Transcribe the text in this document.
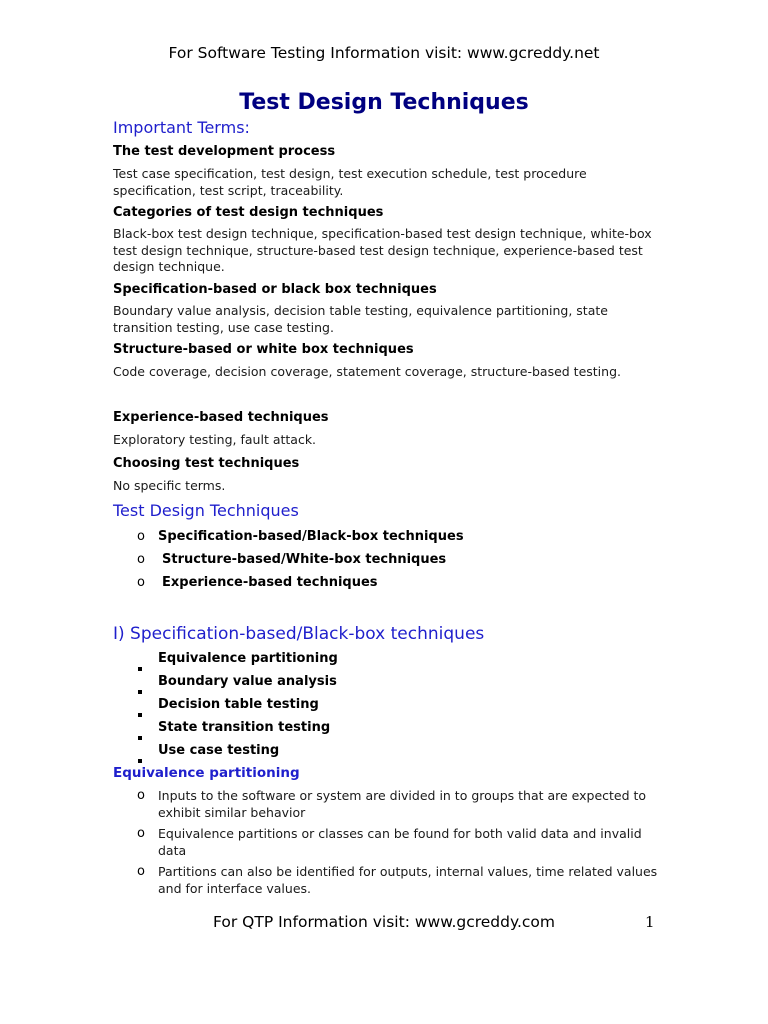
For Software Testing Information visit: www.gcreddy.net
Test Design Techniques
Important Terms:
The test development process
Test case specification, test design, test execution schedule, test procedure specification, test script, traceability.
Categories of test design techniques
Black-box test design technique, specification-based test design technique, white-box test design technique, structure-based test design technique, experience-based test design technique.
Specification-based or black box techniques
Boundary value analysis, decision table testing, equivalence partitioning, state transition testing, use case testing.
Structure-based or white box techniques
Code coverage, decision coverage, statement coverage, structure-based testing.
Experience-based techniques
Exploratory testing, fault attack.
Choosing test techniques
No specific terms.
Test Design Techniques
o Specification-based/Black-box techniques
o Structure-based/White-box techniques
o Experience-based techniques
I) Specification-based/Black-box techniques
Equivalence partitioning
Boundary value analysis
Decision table testing
State transition testing
Use case testing
Equivalence partitioning
o Inputs to the software or system are divided in to groups that are expected to exhibit similar behavior
o Equivalence partitions or classes can be found for both valid data and invalid data
o Partitions can also be identified for outputs, internal values, time related values and for interface values.
For QTP Information visit: www.gcreddy.com	1
